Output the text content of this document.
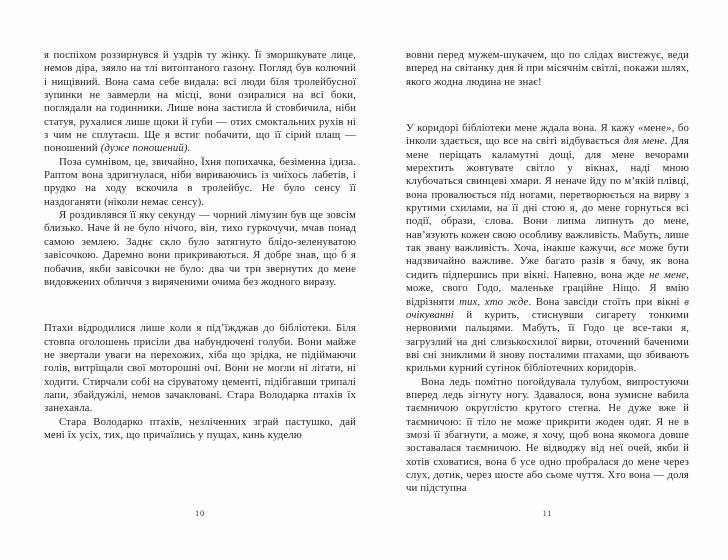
я поспіхом роззирнувся й уздрів ту жінку. Її зморшкувате лице, немов діра, зяяло на тлі витоптаного газону. Погляд був колючий і нищівний. Вона сама себе видала: всі люди біля тролейбусної зупинки не завмерли на місці, вони озиралися на всі боки, поглядали на годинники. Лише вона застигла й стовбичила, ніби статуя, рухалися лише щоки й губи — отих смоктальних рухів ні з чим не сплутаєш. Ще я встиг побачити, що її сірий плащ — поношений (дуже поношений).

Поза сумнівом, це, звичайно, Їхня попихачка, безіменна ідиза. Раптом вона здригнулася, ніби вириваючись із чиїхось лабетів, і прудко на ходу вскочила в тролейбус. Не було сенсу її наздоганяти (ніколи немає сенсу).

Я роздивлявся її яку секунду — чорний лімузин був ще зовсім близько. Наче й не було нічого, він, тихо гуркочучи, мчав понад самою землею. Заднє скло було затягнуто блідо-зеленуватою завісочкою. Даремно вони прикриваються. Я добре знав, що́ б я побачив, якби завісочки не було: два чи три звернутих до мене видовжених обличчя з виряченими очима без жодного виразу.

Птахи відродилися лише коли я під’їжджав до бібліотеки. Біля стовпа оголошень присіли два набундючені голуби. Вони майже не звертали уваги на перехожих, хіба що зрідка, не підіймаючи голів, витріщали свої моторошні очі. Вони не могли ні літати, ні ходити. Стирчали собі на сіруватому цементі, підібгавши трипалі лапи, збайдужілі, немов зачакловані. Стара Володарка птахів їх занехаяла.

Стара Володарко птахів, незліченних зграй пастушко, дай мені їх усіх, тих, що причаїлись у пущах, кинь куделю

10

вовни перед мужем-шукачем, що по слідах вистежує, веди вперед на світанку дня й при місячнім світлі, покажи шлях, якого жодна людина не знає!

У коридорі бібліотеки мене ждала вона. Я кажу «мене», бо інколи здається, що все на світі відбувається для мене. Для мене періщать каламутні дощі, для мене вечорами мерехтить жовтувате світло у вікнах, наді мною клубочаться свинцеві хмари. Я неначе йду по м’якій плівці, вона провалюється під ногами, перетворюється на вирву з крутими схилами, на її дні стою я, до мене горнуться всі події, о́брази, слова. Вони липма липнуть до мене, нав’язують кожен свою особливу важливість. Мабуть, лише так звану важливість. Хоча, інакше кажучи, все може бути надзвичайно важливе. Уже багато разів я бачу, як вона сидить підпершись при вікні. Напевно, вона жде не мене, може, свого Годо, маленьке граційне Ніщо. Я вмію відрізняти тих, хто жде. Вона завсіди стоїть при вікні в очікуванні й курить, стиснувши сигарету тонкими нервовими пальцями. Мабуть, її Годо це все-таки я, загрузлий на дні слизькосхилої вирви, оточений баченими вві сні зниклими й знову посталими птахами, що збивають крильми курний сутінок бібліотечних коридорів.

Вона ледь помітно погойдувала тулубом, випростуючи вперед ледь зігнуту ногу. Здавалося, вона зумисне вабила таємничою округлістю крутого стегна. Не дуже вже й таємничою: її тіло не може прикрити жоден одяг. Я не в змозі її збагнути, а може, я хочу, щоб вона якомога довше зоставалася таємничою. Не відводжу від неї очей, якби й хотів сховатися, вона б усе одно пробралася до мене через слух, дотик, через шосте або сьоме чуття. Хто вона — доля чи підступна

11
